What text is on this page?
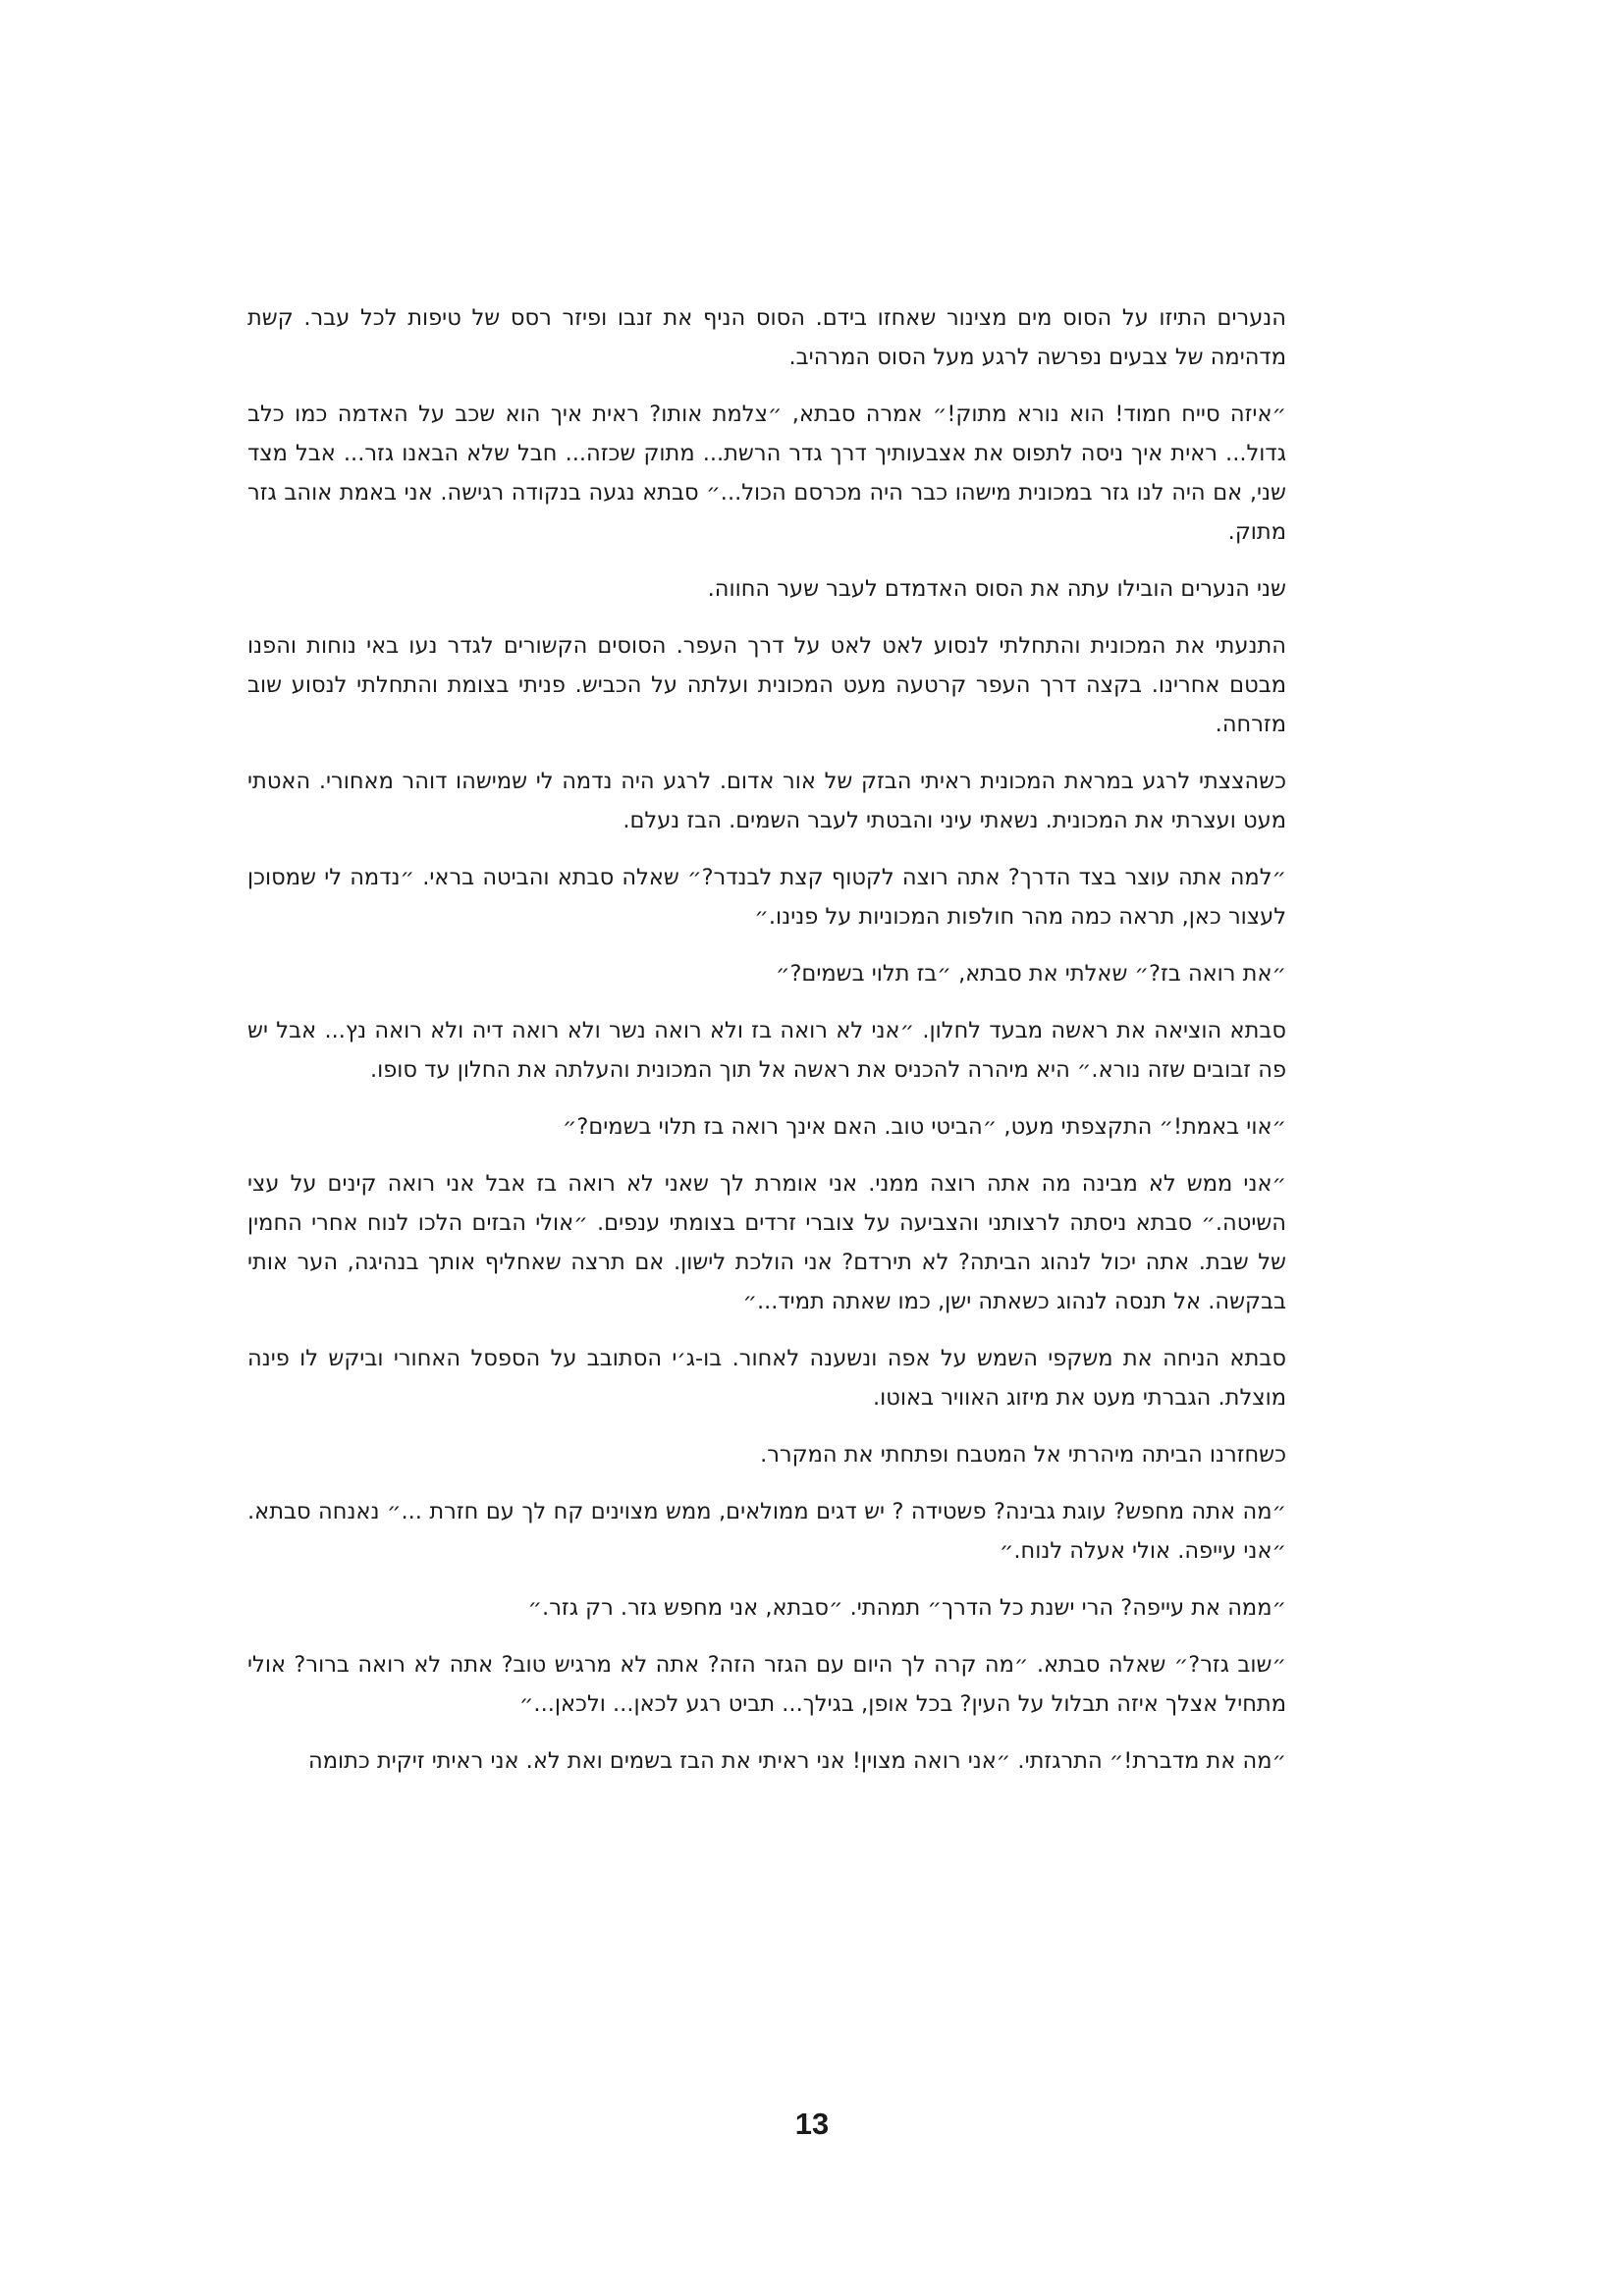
הנערים התיזו על הסוס מים מצינור שאחזו בידם. הסוס הניף את זנבו ופיזר רסס של טיפות לכל עבר. קשת מדהימה של צבעים נפרשה לרגע מעל הסוס המרהיב.

״איזה סייח חמוד! הוא נורא מתוק!״ אמרה סבתא, ״צלמת אותו? ראית איך הוא שכב על האדמה כמו כלב גדול... ראית איך ניסה לתפוס את אצבעותיך דרך גדר הרשת... מתוק שכזה... חבל שלא הבאנו גזר... אבל מצד שני, אם היה לנו גזר במכונית מישהו כבר היה מכרסם הכול...״ סבתא נגעה בנקודה רגישה. אני באמת אוהב גזר מתוק.

שני הנערים הובילו עתה את הסוס האדמדם לעבר שער החווה.

התנעתי את המכונית והתחלתי לנסוע לאט לאט על דרך העפר. הסוסים הקשורים לגדר נעו באי נוחות והפנו מבטם אחרינו. בקצה דרך העפר קרטעה מעט המכונית ועלתה על הכביש. פניתי בצומת והתחלתי לנסוע שוב מזרחה.

כשהצצתי לרגע במראת המכונית ראיתי הבזק של אור אדום. לרגע היה נדמה לי שמישהו דוהר מאחורי. האטתי מעט ועצרתי את המכונית. נשאתי עיני והבטתי לעבר השמים. הבז נעלם.

״למה אתה עוצר בצד הדרך? אתה רוצה לקטוף קצת לבנדר?״ שאלה סבתא והביטה בראי. ״נדמה לי שמסוכן לעצור כאן, תראה כמה מהר חולפות המכוניות על פנינו.״

״את רואה בז?״ שאלתי את סבתא, ״בז תלוי בשמים?״

סבתא הוציאה את ראשה מבעד לחלון. ״אני לא רואה בז ולא רואה נשר ולא רואה דיה ולא רואה נץ... אבל יש פה זבובים שזה נורא.״ היא מיהרה להכניס את ראשה אל תוך המכונית והעלתה את החלון עד סופו.

״אוי באמת!״ התקצפתי מעט, ״הביטי טוב. האם אינך רואה בז תלוי בשמים?״

״אני ממש לא מבינה מה אתה רוצה ממני. אני אומרת לך שאני לא רואה בז אבל אני רואה קינים על עצי השיטה.״ סבתא ניסתה לרצותני והצביעה על צוברי זרדים בצומתי ענפים. ״אולי הבזים הלכו לנוח אחרי החמין של שבת. אתה יכול לנהוג הביתה? לא תירדם? אני הולכת לישון. אם תרצה שאחליף אותך בנהיגה, הער אותי בבקשה. אל תנסה לנהוג כשאתה ישן, כמו שאתה תמיד...״

סבתא הניחה את משקפי השמש על אפה ונשענה לאחור. בו-ג׳י הסתובב על הספסל האחורי וביקש לו פינה מוצלת. הגברתי מעט את מיזוג האוויר באוטו.

כשחזרנו הביתה מיהרתי אל המטבח ופתחתי את המקרר.

״מה אתה מחפש? עוגת גבינה? פשטידה ? יש דגים ממולאים, ממש מצוינים קח לך עם חזרת ...״ נאנחה סבתא. ״אני עייפה. אולי אעלה לנוח.״

״ממה את עייפה? הרי ישנת כל הדרך״ תמהתי. ״סבתא, אני מחפש גזר. רק גזר.״

״שוב גזר?״ שאלה סבתא. ״מה קרה לך היום עם הגזר הזה? אתה לא מרגיש טוב? אתה לא רואה ברור? אולי מתחיל אצלך איזה תבלול על העין? בכל אופן, בגילך... תביט רגע לכאן... ולכאן...״

״מה את מדברת!״ התרגזתי. ״אני רואה מצוין! אני ראיתי את הבז בשמים ואת לא. אני ראיתי זיקית כתומה

13
